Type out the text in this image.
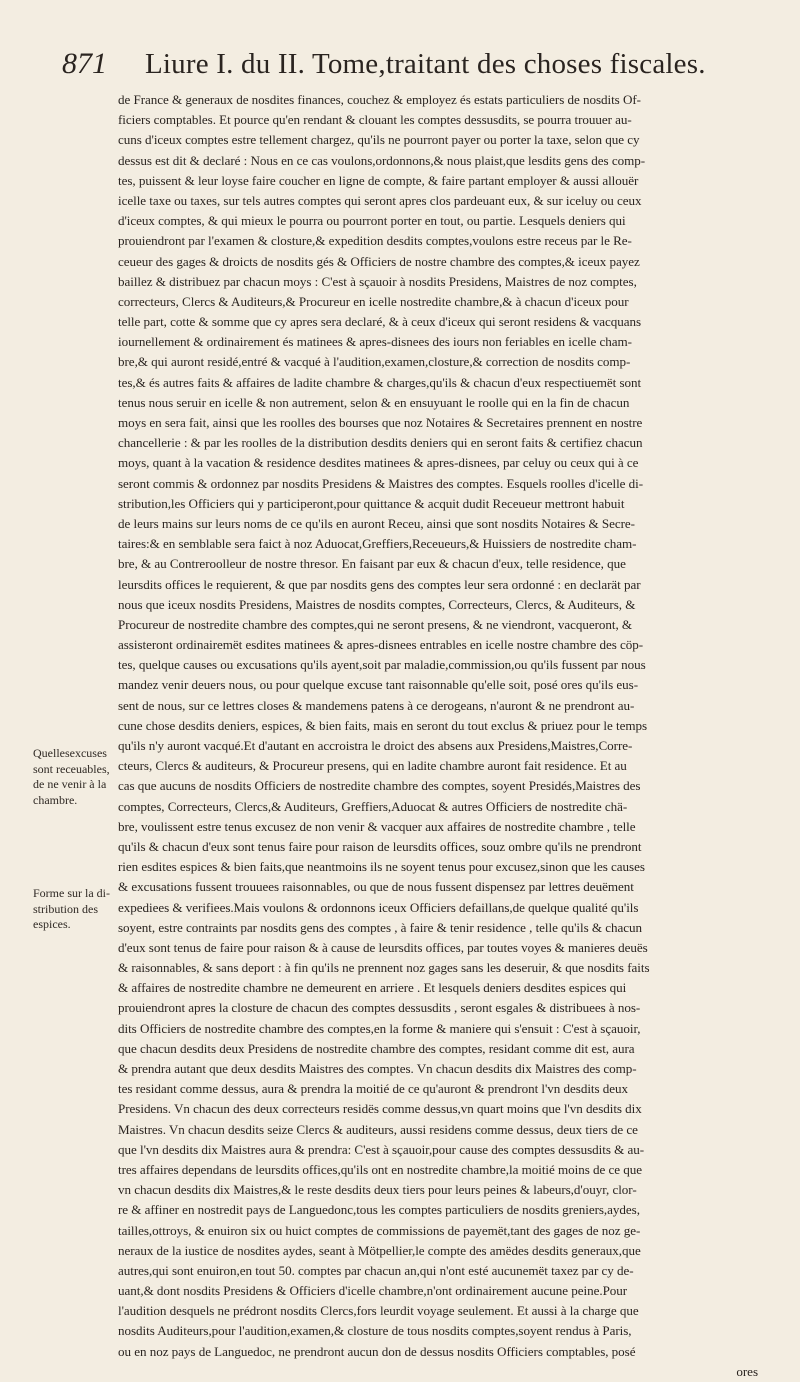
871 Liure I. du II. Tome,traitant des choses fiscales.
Quellesexcuses
sont receuables,
de ne venir à la
chambre.
Forme sur la di-
stribution des
espices.
de France & generaux de nosdites finances, couchez & employez és estats particuliers de nosdits Of-
ficiers comptables. Et pource qu'en rendant & clouant les comptes dessusdits, se pourra trouuer au-
cuns d'iceux comptes estre tellement chargez, qu'ils ne pourront payer ou porter la taxe, selon que cy
dessus est dit & declaré : Nous en ce cas voulons,ordonnons,& nous plaist,que lesdits gens des comp-
tes, puissent & leur loyse faire coucher en ligne de compte, & faire partant employer & aussi allouër
icelle taxe ou taxes, sur tels autres comptes qui seront apres clos pardeuant eux, & sur iceluy ou ceux
d'iceux comptes, & qui mieux le pourra ou pourront porter en tout, ou partie. Lesquels deniers qui
prouiendront par l'examen & closture,& expedition desdits comptes,voulons estre receus par le Re-
ceueur des gages & droicts de nosdits gés & Officiers de nostre chambre des comptes,& iceux payez
baillez & distribuez par chacun moys : C'est à sçauoir à nosdits Presidens, Maistres de noz comptes,
correcteurs, Clercs & Auditeurs,& Procureur en icelle nostredite chambre,& à chacun d'iceux pour
telle part, cotte & somme que cy apres sera declaré, & à ceux d'iceux qui seront residens & vacquans
iournellement & ordinairement és matinees & apres-disnees des iours non feriables en icelle cham-
bre,& qui auront residé,entré & vacqué à l'audition,examen,closture,& correction de nosdits comp-
tes,& és autres faits & affaires de ladite chambre & charges,qu'ils & chacun d'eux respectiuemët sont
tenus nous seruir en icelle & non autrement, selon & en ensuyuant le roolle qui en la fin de chacun
moys en sera fait, ainsi que les roolles des bourses que noz Notaires & Secretaires prennent en nostre
chancellerie : & par les roolles de la distribution desdits deniers qui en seront faits & certifiez chacun
moys, quant à la vacation & residence desdites matinees & apres-disnees, par celuy ou ceux qui à ce
seront commis & ordonnez par nosdits Presidens & Maistres des comptes. Esquels roolles d'icelle di-
stribution,les Officiers qui y participeront,pour quittance & acquit dudit Receueur mettront habuit
de leurs mains sur leurs noms de ce qu'ils en auront Receu, ainsi que sont nosdits Notaires & Secre-
taires:& en semblable sera faict à noz Aduocat,Greffiers,Receueurs,& Huissiers de nostredite cham-
bre, & au Contreroolleur de nostre thresor. En faisant par eux & chacun d'eux, telle residence, que
leursdits offices le requierent, & que par nosdits gens des comptes leur sera ordonné : en declarät par
nous que iceux nosdits Presidens, Maistres de nosdits comptes, Correcteurs, Clercs, & Auditeurs, &
Procureur de nostredite chambre des comptes,qui ne seront presens, & ne viendront, vacqueront, &
assisteront ordinairemët esdites matinees & apres-disnees entrables en icelle nostre chambre des cöp-
tes, quelque causes ou excusations qu'ils ayent,soit par maladie,commission,ou qu'ils fussent par nous
mandez venir deuers nous, ou pour quelque excuse tant raisonnable qu'elle soit, posé ores qu'ils eus-
sent de nous, sur ce lettres closes & mandemens patens à ce derogeans, n'auront & ne prendront au-
cune chose desdits deniers, espices, & bien faits, mais en seront du tout exclus & priuez pour le temps
qu'ils n'y auront vacqué.Et d'autant en accroistra le droict des absens aux Presidens,Maistres,Corre-
cteurs, Clercs & auditeurs, & Procureur presens, qui en ladite chambre auront fait residence. Et au
cas que aucuns de nosdits Officiers de nostredite chambre des comptes, soyent Presidés,Maistres des
comptes, Correcteurs, Clercs,& Auditeurs, Greffiers,Aduocat & autres Officiers de nostredite chä-
bre, voulissent estre tenus excusez de non venir & vacquer aux affaires de nostredite chambre , telle
qu'ils & chacun d'eux sont tenus faire pour raison de leursdits offices, souz ombre qu'ils ne prendront
rien esdites espices & bien faits,que neantmoins ils ne soyent tenus pour excusez,sinon que les causes
& excusations fussent trouuees raisonnables, ou que de nous fussent dispensez par lettres deuëment
expediees & verifiees.Mais voulons & ordonnons iceux Officiers defaillans,de quelque qualité qu'ils
soyent, estre contraints par nosdits gens des comptes , à faire & tenir residence , telle qu'ils & chacun
d'eux sont tenus de faire pour raison & à cause de leursdits offices, par toutes voyes & manieres deuës
& raisonnables, & sans deport : à fin qu'ils ne prennent noz gages sans les deseruir, & que nosdits faits
& affaires de nostredite chambre ne demeurent en arriere . Et lesquels deniers desdites espices qui
prouiendront apres la closture de chacun des comptes dessusdits , seront esgales & distribuees à nos-
dits Officiers de nostredite chambre des comptes,en la forme & maniere qui s'ensuit : C'est à sçauoir,
que chacun desdits deux Presidens de nostredite chambre des comptes, residant comme dit est, aura
& prendra autant que deux desdits Maistres des comptes. Vn chacun desdits dix Maistres des comp-
tes residant comme dessus, aura & prendra la moitié de ce qu'auront & prendront l'vn desdits deux
Presidens. Vn chacun des deux correcteurs residës comme dessus,vn quart moins que l'vn desdits dix
Maistres. Vn chacun desdits seize Clercs & auditeurs, aussi residens comme dessus, deux tiers de ce
que l'vn desdits dix Maistres aura & prendra: C'est à sçauoir,pour cause des comptes dessusdits & au-
tres affaires dependans de leursdits offices,qu'ils ont en nostredite chambre,la moitié moins de ce que
vn chacun desdits dix Maistres,& le reste desdits deux tiers pour leurs peines & labeurs,d'ouyr, clor-
re & affiner en nostredit pays de Languedonc,tous les comptes particuliers de nosdits greniers,aydes,
tailles,ottroys, & enuiron six ou huict comptes de commissions de payemët,tant des gages de noz ge-
neraux de la iustice de nosdites aydes, seant à Mötpellier,le compte des amëdes desdits generaux,que
autres,qui sont enuiron,en tout 50. comptes par chacun an,qui n'ont esté aucunemët taxez par cy de-
uant,& dont nosdits Presidens & Officiers d'icelle chambre,n'ont ordinairement aucune peine.Pour
l'audition desquels ne prédront nosdits Clercs,fors leurdit voyage seulement. Et aussi à la charge que
nosdits Auditeurs,pour l'audition,examen,& closture de tous nosdits comptes,soyent rendus à Paris,
ou en noz pays de Languedoc, ne prendront aucun don de dessus nosdits Officiers comptables, posé
ores
